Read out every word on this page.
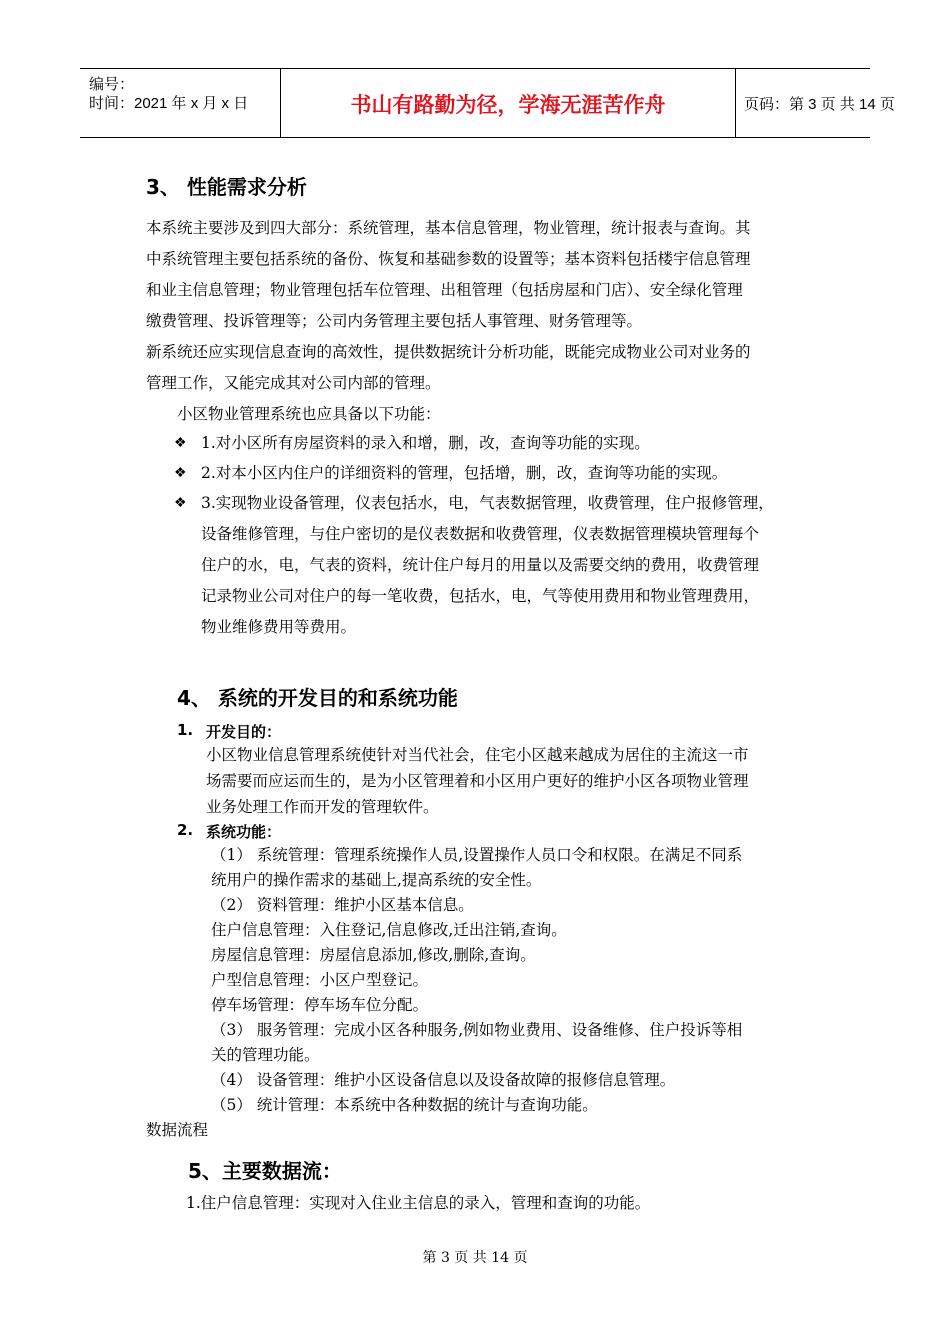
编号：
时间：2021 年 x 月 x 日	书山有路勤为径，学海无涯苦作舟	页码：第 3 页 共 14 页
3、 性能需求分析
本系统主要涉及到四大部分：系统管理，基本信息管理，物业管理，统计报表与查询。其
中系统管理主要包括系统的备份、恢复和基础参数的设置等；基本资料包括楼宇信息管理
和业主信息管理；物业管理包括车位管理、出租管理（包括房屋和门店）、安全绿化管理
缴费管理、投诉管理等；公司内务管理主要包括人事管理、财务管理等。
新系统还应实现信息查询的高效性，提供数据统计分析功能，既能完成物业公司对业务的
管理工作，又能完成其对公司内部的管理。
小区物业管理系统也应具备以下功能：
❖ 1.对小区所有房屋资料的录入和增，删，改，查询等功能的实现。
❖ 2.对本小区内住户的详细资料的管理，包括增，删，改，查询等功能的实现。
❖ 3.实现物业设备管理，仪表包括水，电，气表数据管理，收费管理，住户报修管理，
设备维修管理，与住户密切的是仪表数据和收费管理，仪表数据管理模块管理每个
住户的水，电，气表的资料，统计住户每月的用量以及需要交纳的费用，收费管理
记录物业公司对住户的每一笔收费，包括水，电，气等使用费用和物业管理费用，
物业维修费用等费用。
4、 系统的开发目的和系统功能
1. 开发目的：
小区物业信息管理系统使针对当代社会，住宅小区越来越成为居住的主流这一市
场需要而应运而生的，是为小区管理着和小区用户更好的维护小区各项物业管理
业务处理工作而开发的管理软件。
2. 系统功能：
（1） 系统管理：管理系统操作人员,设置操作人员口令和权限。在满足不同系
统用户的操作需求的基础上,提高系统的安全性。
（2） 资料管理：维护小区基本信息。
住户信息管理：入住登记,信息修改,迁出注销,查询。
房屋信息管理：房屋信息添加,修改,删除,查询。
户型信息管理：小区户型登记。
停车场管理：停车场车位分配。
（3） 服务管理：完成小区各种服务,例如物业费用、设备维修、住户投诉等相
关的管理功能。
（4） 设备管理：维护小区设备信息以及设备故障的报修信息管理。
（5） 统计管理：本系统中各种数据的统计与查询功能。
数据流程
5、主要数据流：
1.住户信息管理：实现对入住业主信息的录入，管理和查询的功能。
第 3 页 共 14 页
